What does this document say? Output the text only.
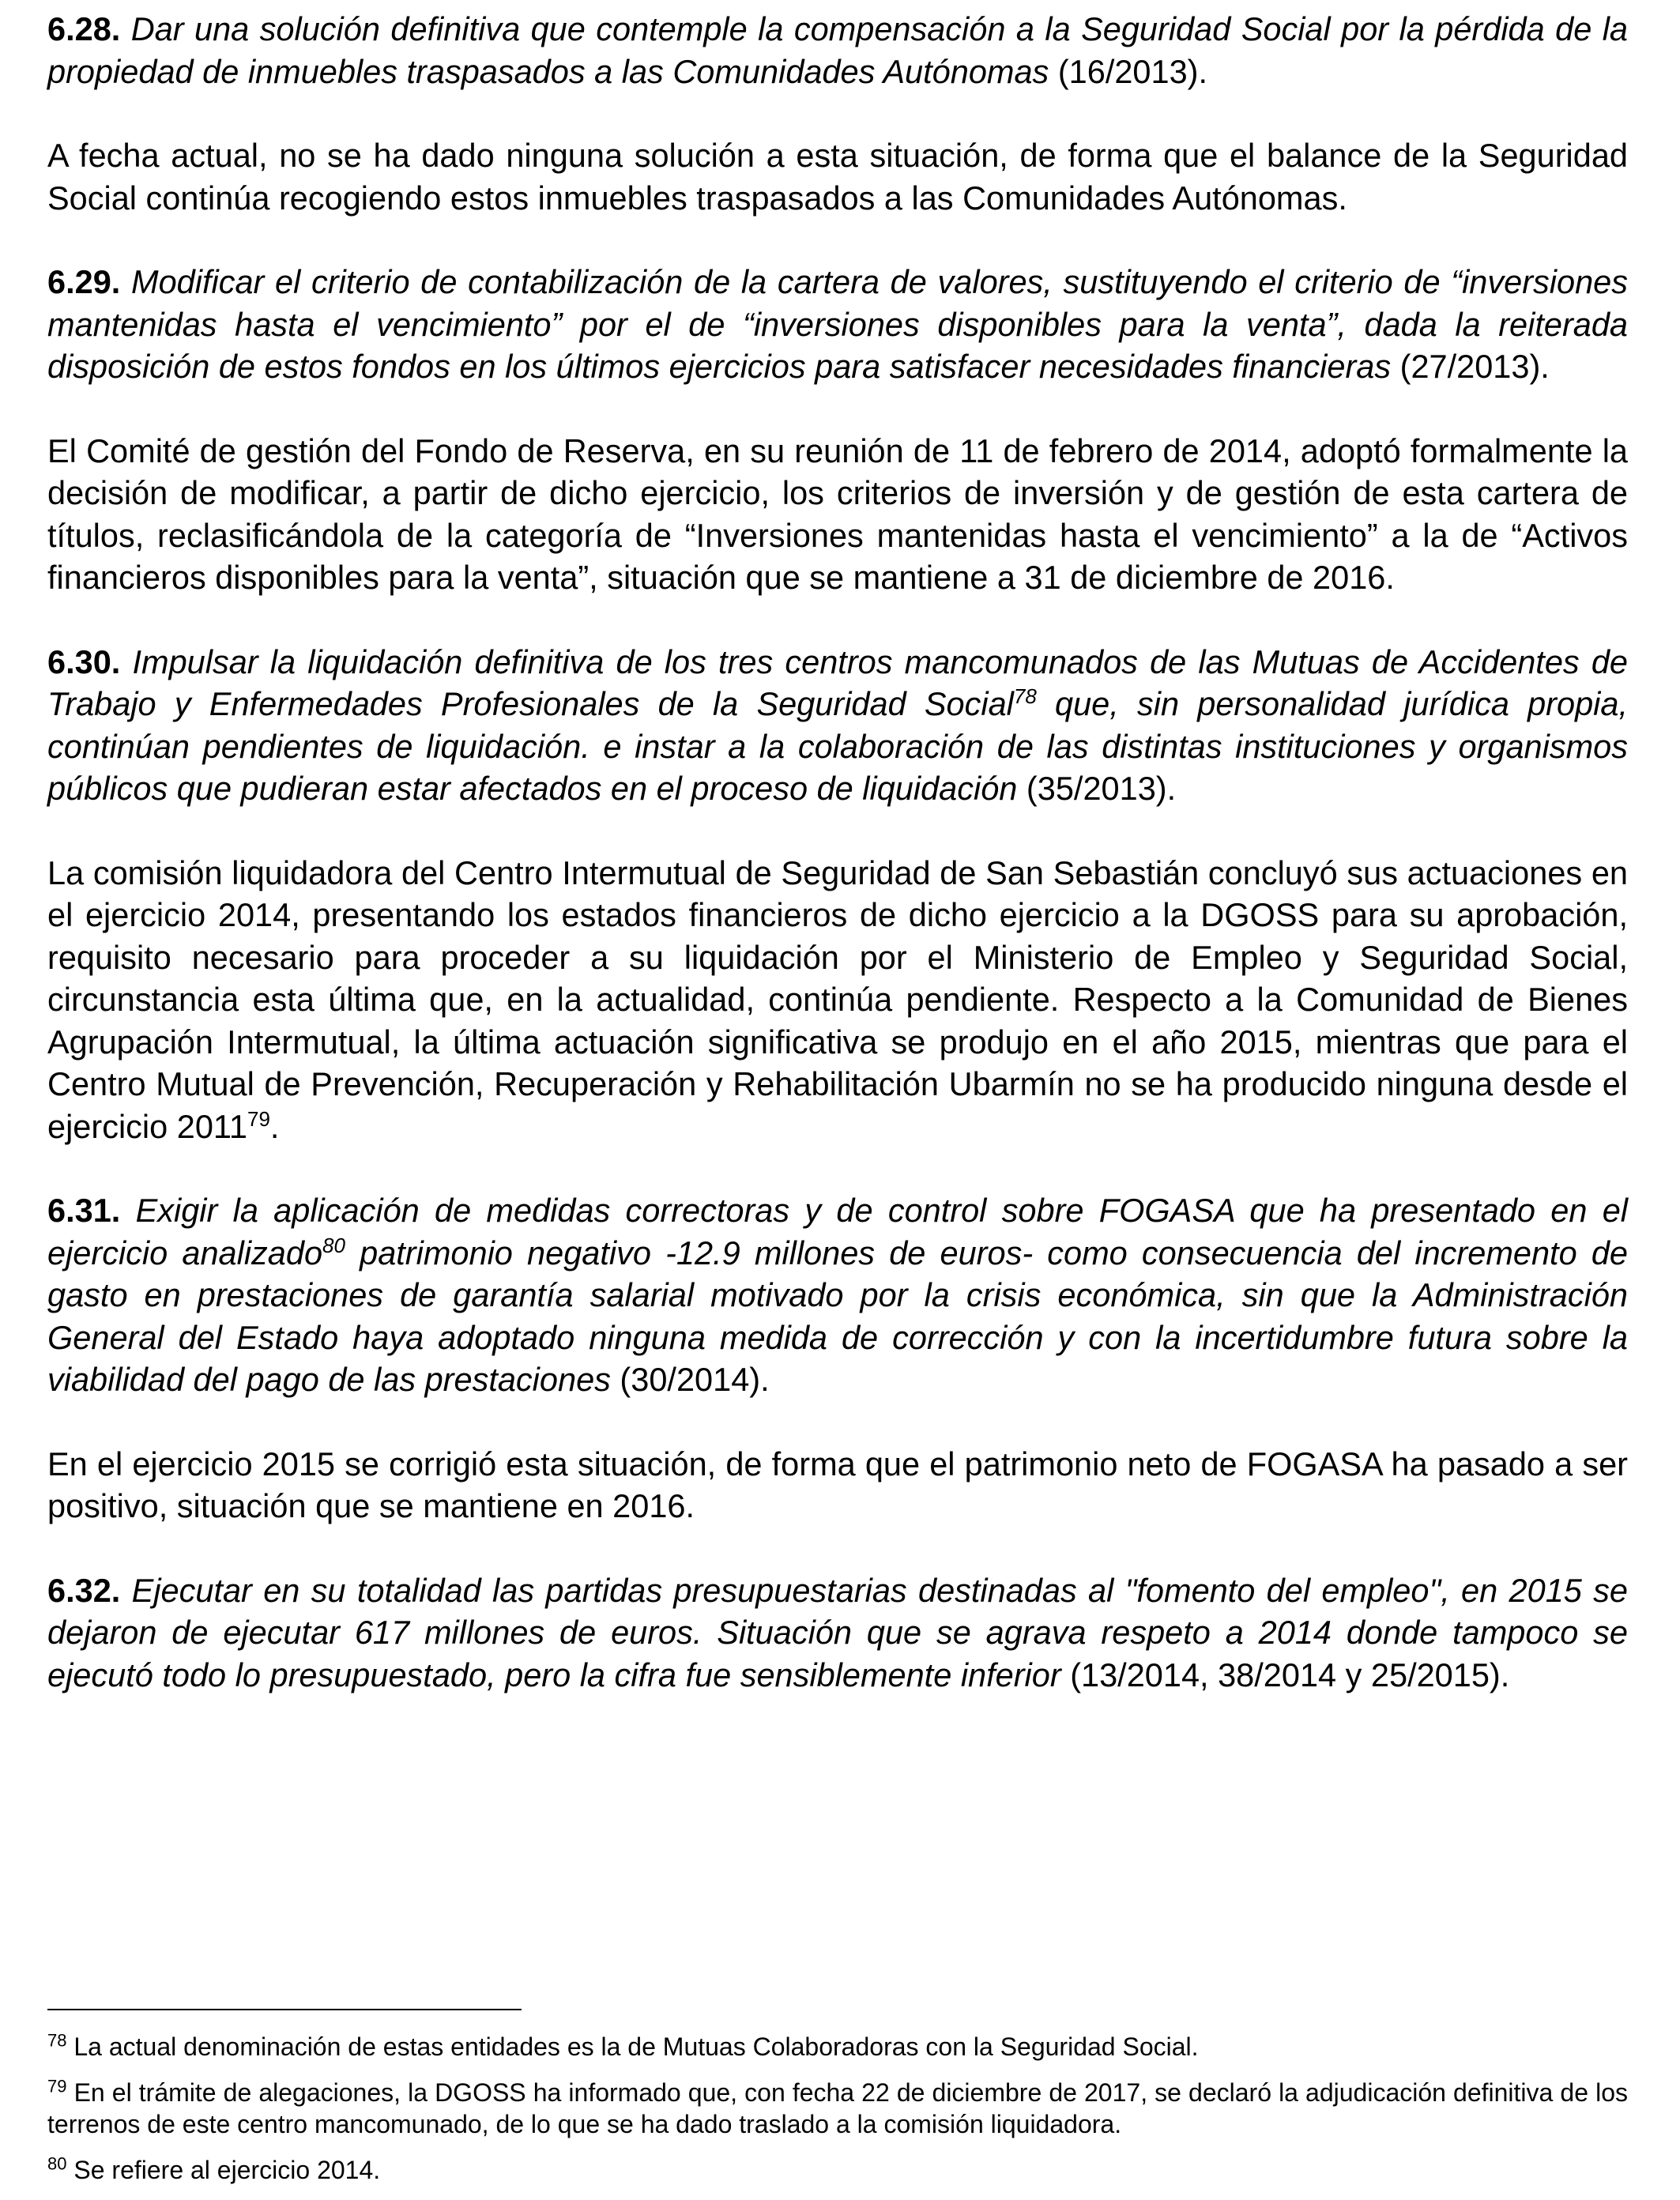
6.28. Dar una solución definitiva que contemple la compensación a la Seguridad Social por la pérdida de la propiedad de inmuebles traspasados a las Comunidades Autónomas (16/2013).

A fecha actual, no se ha dado ninguna solución a esta situación, de forma que el balance de la Seguridad Social continúa recogiendo estos inmuebles traspasados a las Comunidades Autónomas.

6.29. Modificar el criterio de contabilización de la cartera de valores, sustituyendo el criterio de “inversiones mantenidas hasta el vencimiento” por el de “inversiones disponibles para la venta”, dada la reiterada disposición de estos fondos en los últimos ejercicios para satisfacer necesidades financieras (27/2013).

El Comité de gestión del Fondo de Reserva, en su reunión de 11 de febrero de 2014, adoptó formalmente la decisión de modificar, a partir de dicho ejercicio, los criterios de inversión y de gestión de esta cartera de títulos, reclasificándola de la categoría de “Inversiones mantenidas hasta el vencimiento” a la de “Activos financieros disponibles para la venta”, situación que se mantiene a 31 de diciembre de 2016.

6.30. Impulsar la liquidación definitiva de los tres centros mancomunados de las Mutuas de Accidentes de Trabajo y Enfermedades Profesionales de la Seguridad Social$^{78}$ que, sin personalidad jurídica propia, continúan pendientes de liquidación. e instar a la colaboración de las distintas instituciones y organismos públicos que pudieran estar afectados en el proceso de liquidación (35/2013).

La comisión liquidadora del Centro Intermutual de Seguridad de San Sebastián concluyó sus actuaciones en el ejercicio 2014, presentando los estados financieros de dicho ejercicio a la DGOSS para su aprobación, requisito necesario para proceder a su liquidación por el Ministerio de Empleo y Seguridad Social, circunstancia esta última que, en la actualidad, continúa pendiente. Respecto a la Comunidad de Bienes Agrupación Intermutual, la última actuación significativa se produjo en el año 2015, mientras que para el Centro Mutual de Prevención, Recuperación y Rehabilitación Ubarmín no se ha producido ninguna desde el ejercicio 2011$^{79}$.

6.31. Exigir la aplicación de medidas correctoras y de control sobre FOGASA que ha presentado en el ejercicio analizado$^{80}$ patrimonio negativo -12.9 millones de euros- como consecuencia del incremento de gasto en prestaciones de garantía salarial motivado por la crisis económica, sin que la Administración General del Estado haya adoptado ninguna medida de corrección y con la incertidumbre futura sobre la viabilidad del pago de las prestaciones (30/2014).

En el ejercicio 2015 se corrigió esta situación, de forma que el patrimonio neto de FOGASA ha pasado a ser positivo, situación que se mantiene en 2016.

6.32. Ejecutar en su totalidad las partidas presupuestarias destinadas al "fomento del empleo", en 2015 se dejaron de ejecutar 617 millones de euros. Situación que se agrava respeto a 2014 donde tampoco se ejecutó todo lo presupuestado, pero la cifra fue sensiblemente inferior (13/2014, 38/2014 y 25/2015).

$^{78}$ La actual denominación de estas entidades es la de Mutuas Colaboradoras con la Seguridad Social.

$^{79}$ En el trámite de alegaciones, la DGOSS ha informado que, con fecha 22 de diciembre de 2017, se declaró la adjudicación definitiva de los terrenos de este centro mancomunado, de lo que se ha dado traslado a la comisión liquidadora.

$^{80}$ Se refiere al ejercicio 2014.
